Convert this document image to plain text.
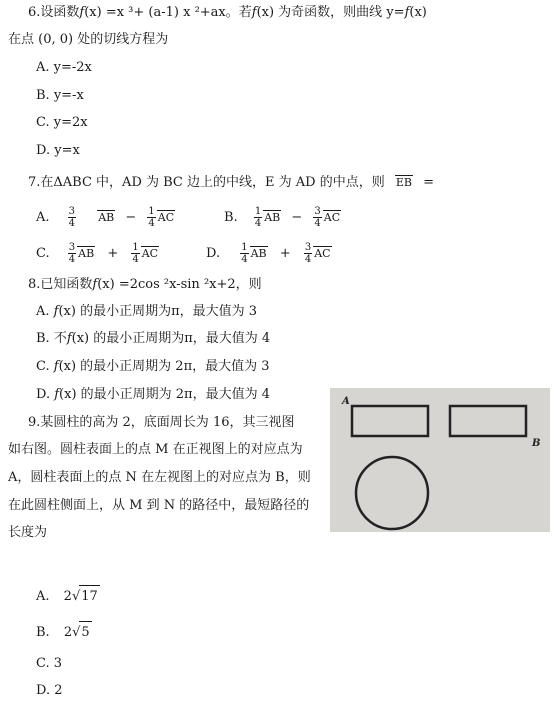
6.设函数f(x) =x ³+ (a-1) x ²+ax。若f(x) 为奇函数，则曲线 y=f(x)
在点 (0, 0) 处的切线方程为
A. y=-2x
B. y=-x
C. y=2x
D. y=x
7.在ΔABC 中，AD 为 BC 边上的中线，E 为 AD 的中点，则 EB =
A. $\frac{3}{4}$ AB − $\frac{1}{4}$ AC	B. $\frac{1}{4}$ AB − $\frac{3}{4}$ AC
C. $\frac{3}{4}$ AB + $\frac{1}{4}$ AC	D. $\frac{1}{4}$ AB + $\frac{3}{4}$ AC
8.已知函数f(x) =2cos ²x-sin ²x+2，则
A. f(x) 的最小正周期为π，最大值为 3
B. 不f(x) 的最小正周期为π，最大值为 4
C. f(x) 的最小正周期为 2π，最大值为 3
D. f(x) 的最小正周期为 2π，最大值为 4
9.某圆柱的高为 2，底面周长为 16，其三视图
如右图。圆柱表面上的点 M 在正视图上的对应点为
A，圆柱表面上的点 N 在左视图上的对应点为 B，则
在此圆柱侧面上，从 M 到 N 的路径中，最短路径的
长度为
A
B
A. 2√17
B. 2√5
C. 3
D. 2
